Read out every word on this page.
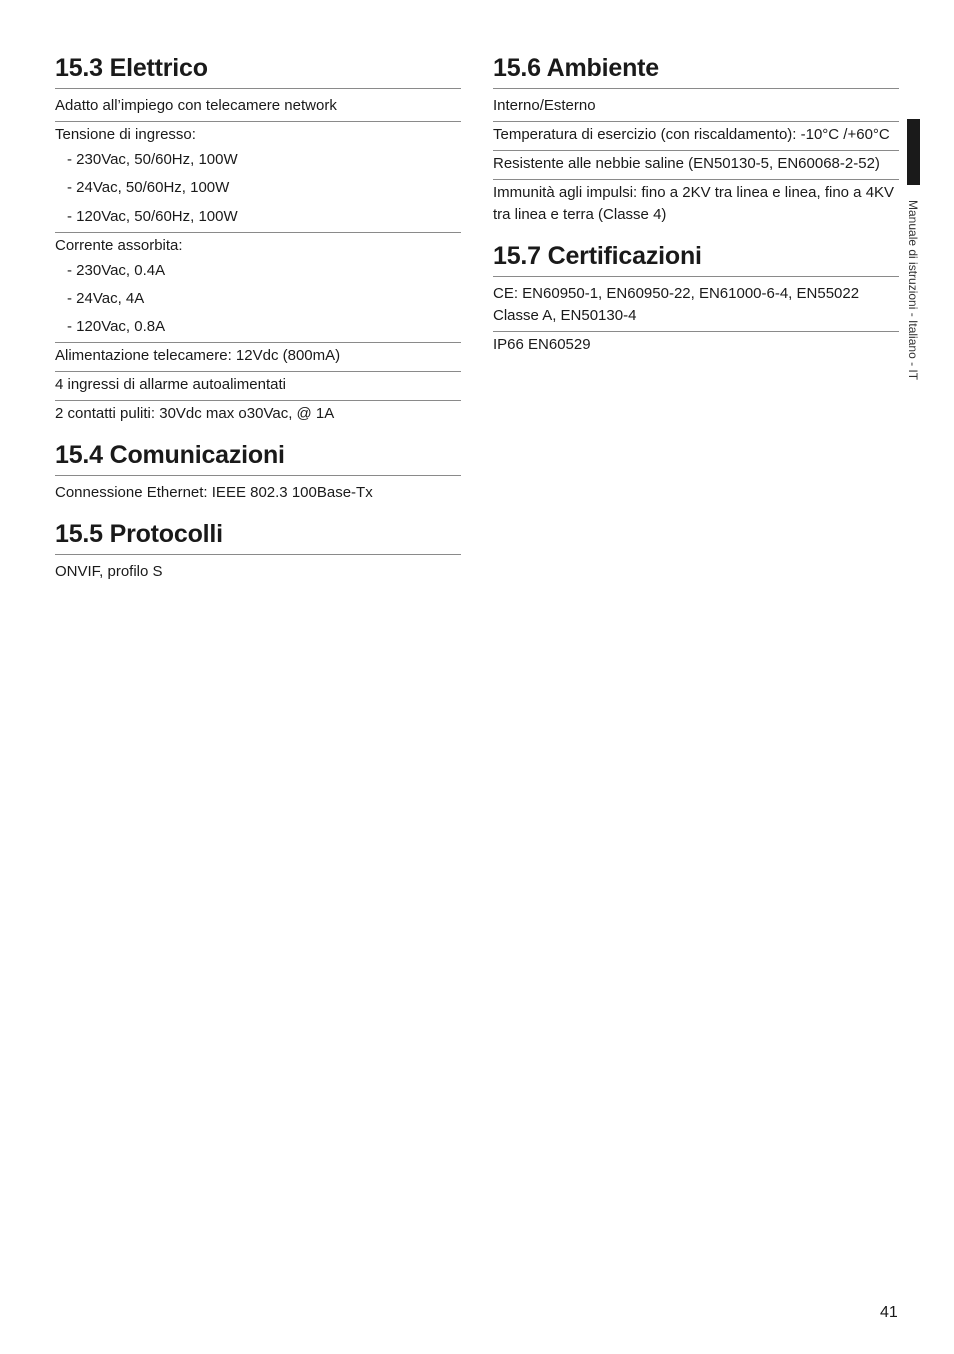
15.3 Elettrico
Adatto all’impiego con telecamere network
Tensione di ingresso:
- 230Vac, 50/60Hz, 100W
- 24Vac, 50/60Hz, 100W
- 120Vac, 50/60Hz, 100W
Corrente assorbita:
- 230Vac, 0.4A
- 24Vac, 4A
- 120Vac, 0.8A
Alimentazione telecamere: 12Vdc (800mA)
4 ingressi di allarme autoalimentati
2 contatti puliti: 30Vdc max o30Vac, @ 1A
15.4 Comunicazioni
Connessione Ethernet: IEEE 802.3 100Base-Tx
15.5 Protocolli
ONVIF, profilo S
15.6 Ambiente
Interno/Esterno
Temperatura di esercizio (con riscaldamento): -10°C /+60°C
Resistente alle nebbie saline (EN50130-5, EN60068-2-52)
Immunità agli impulsi: fino a 2KV tra linea e linea, fino a 4KV tra linea e terra (Classe 4)
15.7 Certificazioni
CE: EN60950-1, EN60950-22, EN61000-6-4, EN55022 Classe A, EN50130-4
IP66 EN60529	Manuale di istruzioni - Italiano - IT
41
